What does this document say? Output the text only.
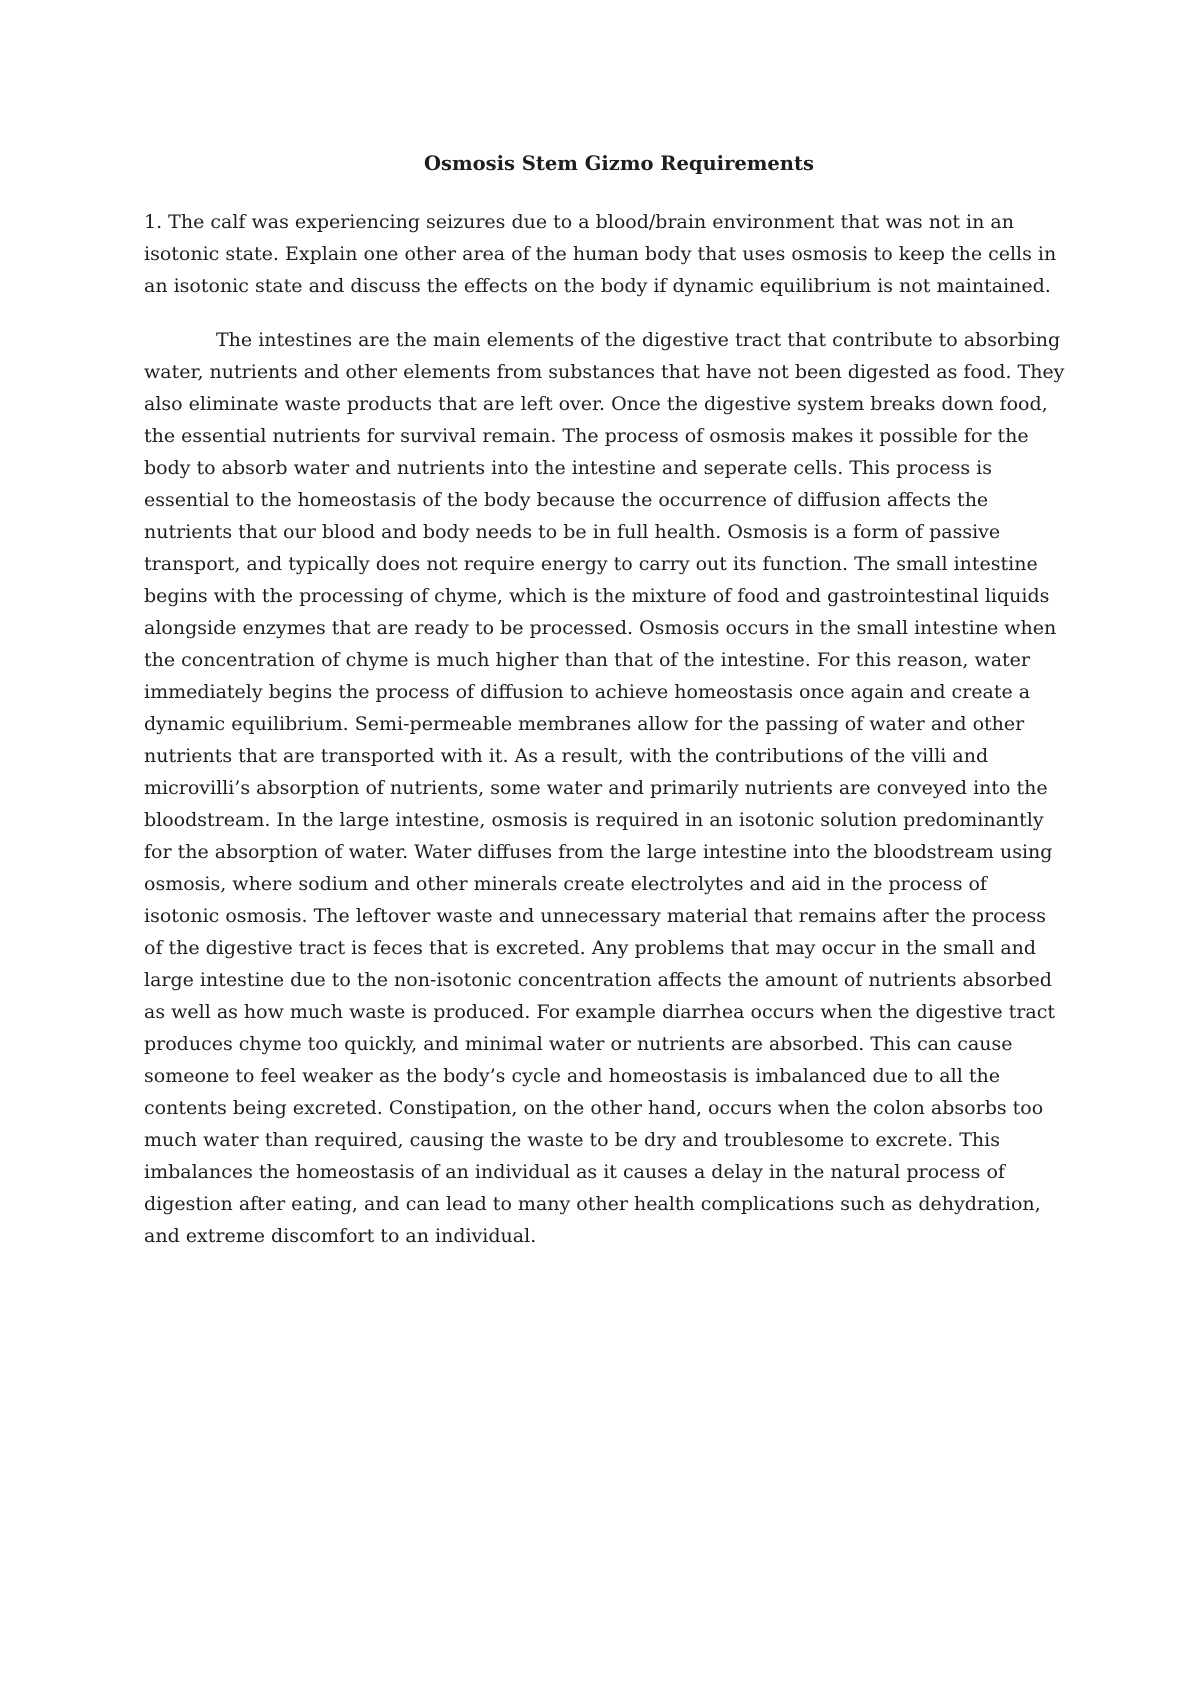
Osmosis Stem Gizmo Requirements
1. The calf was experiencing seizures due to a blood/brain environment that was not in an
isotonic state. Explain one other area of the human body that uses osmosis to keep the cells in
an isotonic state and discuss the effects on the body if dynamic equilibrium is not maintained.
The intestines are the main elements of the digestive tract that contribute to absorbing
water, nutrients and other elements from substances that have not been digested as food. They
also eliminate waste products that are left over. Once the digestive system breaks down food,
the essential nutrients for survival remain. The process of osmosis makes it possible for the
body to absorb water and nutrients into the intestine and seperate cells. This process is
essential to the homeostasis of the body because the occurrence of diffusion affects the
nutrients that our blood and body needs to be in full health. Osmosis is a form of passive
transport, and typically does not require energy to carry out its function. The small intestine
begins with the processing of chyme, which is the mixture of food and gastrointestinal liquids
alongside enzymes that are ready to be processed. Osmosis occurs in the small intestine when
the concentration of chyme is much higher than that of the intestine. For this reason, water
immediately begins the process of diffusion to achieve homeostasis once again and create a
dynamic equilibrium. Semi-permeable membranes allow for the passing of water and other
nutrients that are transported with it. As a result, with the contributions of the villi and
microvilli’s absorption of nutrients, some water and primarily nutrients are conveyed into the
bloodstream. In the large intestine, osmosis is required in an isotonic solution predominantly
for the absorption of water. Water diffuses from the large intestine into the bloodstream using
osmosis, where sodium and other minerals create electrolytes and aid in the process of
isotonic osmosis. The leftover waste and unnecessary material that remains after the process
of the digestive tract is feces that is excreted. Any problems that may occur in the small and
large intestine due to the non-isotonic concentration affects the amount of nutrients absorbed
as well as how much waste is produced. For example diarrhea occurs when the digestive tract
produces chyme too quickly, and minimal water or nutrients are absorbed. This can cause
someone to feel weaker as the body’s cycle and homeostasis is imbalanced due to all the
contents being excreted. Constipation, on the other hand, occurs when the colon absorbs too
much water than required, causing the waste to be dry and troublesome to excrete. This
imbalances the homeostasis of an individual as it causes a delay in the natural process of
digestion after eating, and can lead to many other health complications such as dehydration,
and extreme discomfort to an individual.
